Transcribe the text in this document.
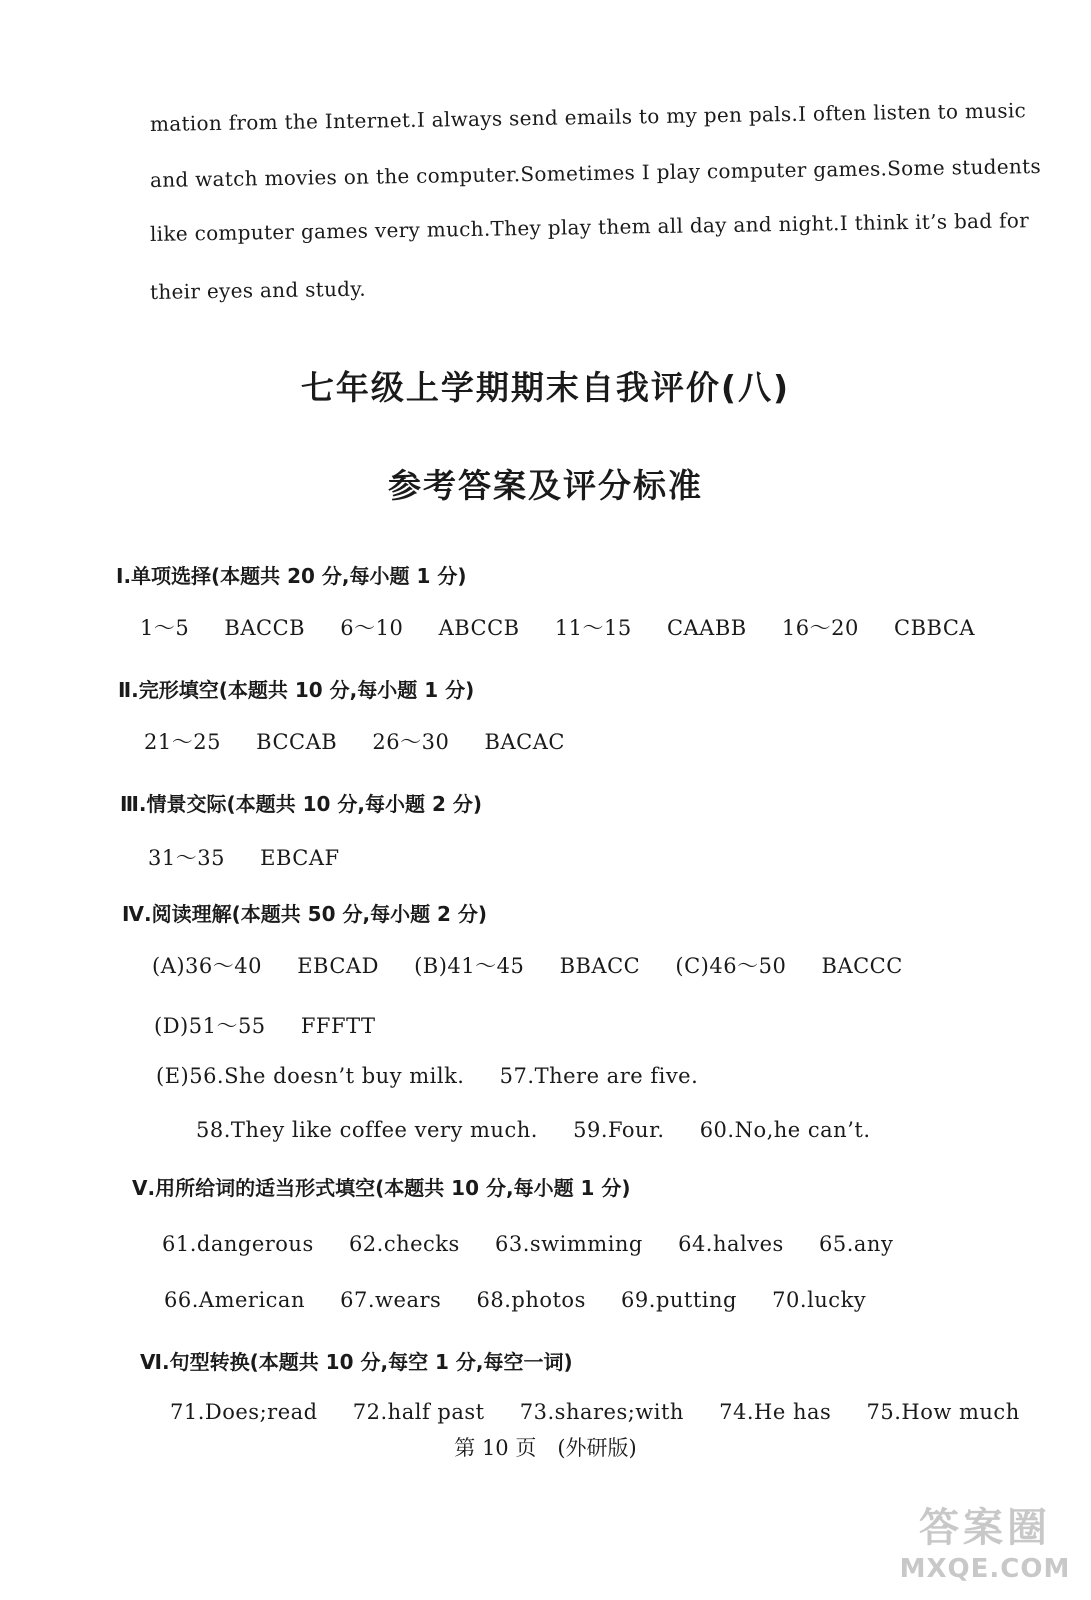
mation from the Internet.I always send emails to my pen pals.I often listen to music
and watch movies on the computer.Sometimes I play computer games.Some students
like computer games very much.They play them all day and night.I think it’s bad for
their eyes and study.
七年级上学期期末自我评价(八)
参考答案及评分标准
Ⅰ.单项选择(本题共 20 分,每小题 1 分)
1～5 BACCB 6～10 ABCCB 11～15 CAABB 16～20 CBBCA
Ⅱ.完形填空(本题共 10 分,每小题 1 分)
21～25 BCCAB 26～30 BACAC
Ⅲ.情景交际(本题共 10 分,每小题 2 分)
31～35 EBCAF
Ⅳ.阅读理解(本题共 50 分,每小题 2 分)
(A)36～40 EBCAD (B)41～45 BBACC (C)46～50 BACCC
(D)51～55 FFFTT
(E)56.She doesn’t buy milk. 57.There are five.
58.They like coffee very much. 59.Four. 60.No,he can’t.
Ⅴ.用所给词的适当形式填空(本题共 10 分,每小题 1 分)
61.dangerous 62.checks 63.swimming 64.halves 65.any
66.American 67.wears 68.photos 69.putting 70.lucky
Ⅵ.句型转换(本题共 10 分,每空 1 分,每空一词)
71.Does;read 72.half past 73.shares;with 74.He has 75.How much
第 10 页　(外研版)
答案圈
MXQE.COM
